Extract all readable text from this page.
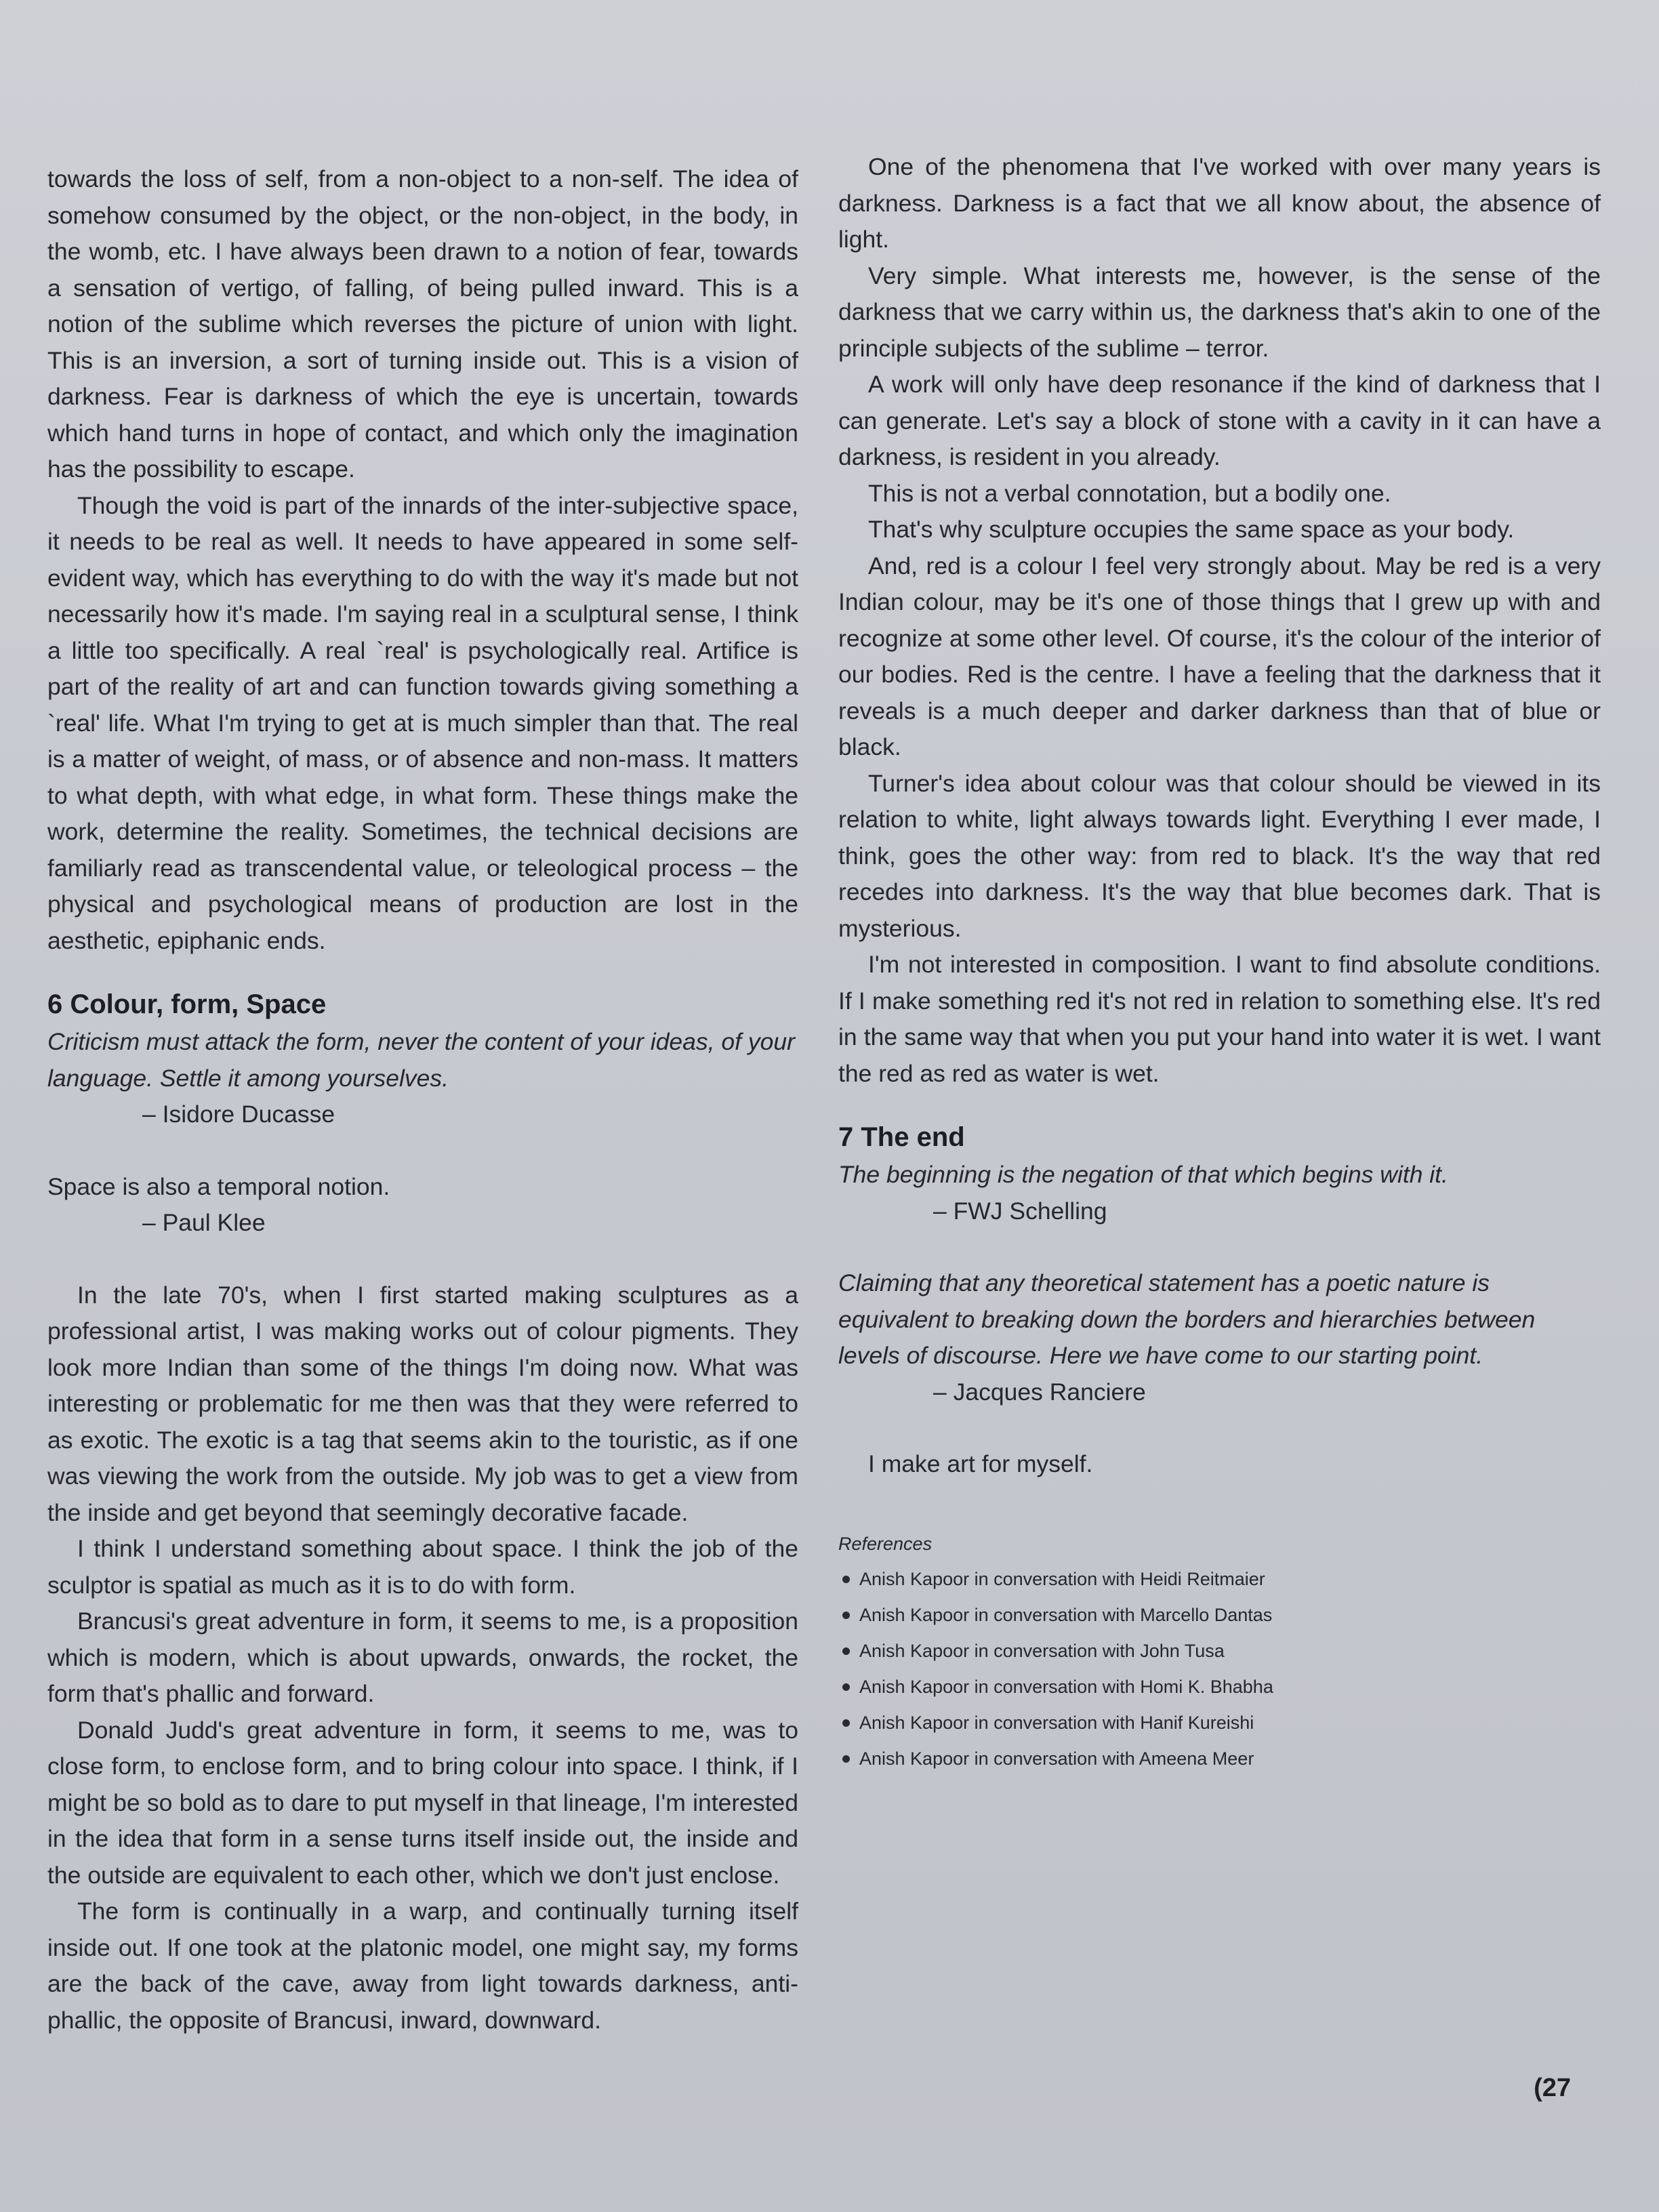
towards the loss of self, from a non-object to a non-self. The idea of somehow consumed by the object, or the non-object, in the body, in the womb, etc. I have always been drawn to a notion of fear, towards a sensation of vertigo, of falling, of being pulled inward. This is a notion of the sublime which reverses the picture of union with light. This is an inversion, a sort of turning inside out. This is a vision of darkness. Fear is darkness of which the eye is uncertain, towards which hand turns in hope of contact, and which only the imagination has the possibility to escape.

Though the void is part of the innards of the inter-subjective space, it needs to be real as well. It needs to have appeared in some self-evident way, which has everything to do with the way it's made but not necessarily how it's made. I'm saying real in a sculptural sense, I think a little too specifically. A real `real' is psychologically real. Artifice is part of the reality of art and can function towards giving something a `real' life. What I'm trying to get at is much simpler than that. The real is a matter of weight, of mass, or of absence and non-mass. It matters to what depth, with what edge, in what form. These things make the work, determine the reality. Sometimes, the technical decisions are familiarly read as transcendental value, or teleological process – the physical and psychological means of production are lost in the aesthetic, epiphanic ends.

6 Colour, form, Space
Criticism must attack the form, never the content of your ideas, of your language. Settle it among yourselves.
– Isidore Ducasse
Space is also a temporal notion.
– Paul Klee

In the late 70's, when I first started making sculptures as a professional artist, I was making works out of colour pigments. They look more Indian than some of the things I'm doing now. What was interesting or problematic for me then was that they were referred to as exotic. The exotic is a tag that seems akin to the touristic, as if one was viewing the work from the outside. My job was to get a view from the inside and get beyond that seemingly decorative facade.

I think I understand something about space. I think the job of the sculptor is spatial as much as it is to do with form.

Brancusi's great adventure in form, it seems to me, is a proposition which is modern, which is about upwards, onwards, the rocket, the form that's phallic and forward.

Donald Judd's great adventure in form, it seems to me, was to close form, to enclose form, and to bring colour into space. I think, if I might be so bold as to dare to put myself in that lineage, I'm interested in the idea that form in a sense turns itself inside out, the inside and the outside are equivalent to each other, which we don't just enclose.

The form is continually in a warp, and continually turning itself inside out. If one took at the platonic model, one might say, my forms are the back of the cave, away from light towards darkness, anti-phallic, the opposite of Brancusi, inward, downward.

One of the phenomena that I've worked with over many years is darkness. Darkness is a fact that we all know about, the absence of light.

Very simple. What interests me, however, is the sense of the darkness that we carry within us, the darkness that's akin to one of the principle subjects of the sublime – terror.

A work will only have deep resonance if the kind of darkness that I can generate. Let's say a block of stone with a cavity in it can have a darkness, is resident in you already.

This is not a verbal connotation, but a bodily one.

That's why sculpture occupies the same space as your body.

And, red is a colour I feel very strongly about. May be red is a very Indian colour, may be it's one of those things that I grew up with and recognize at some other level. Of course, it's the colour of the interior of our bodies. Red is the centre. I have a feeling that the darkness that it reveals is a much deeper and darker darkness than that of blue or black.

Turner's idea about colour was that colour should be viewed in its relation to white, light always towards light. Everything I ever made, I think, goes the other way: from red to black. It's the way that red recedes into darkness. It's the way that blue becomes dark. That is mysterious.

I'm not interested in composition. I want to find absolute conditions. If I make something red it's not red in relation to something else. It's red in the same way that when you put your hand into water it is wet. I want the red as red as water is wet.

7 The end
The beginning is the negation of that which begins with it.
– FWJ Schelling
Claiming that any theoretical statement has a poetic nature is equivalent to breaking down the borders and hierarchies between levels of discourse. Here we have come to our starting point.
– Jacques Ranciere

I make art for myself.

References
Anish Kapoor in conversation with Heidi Reitmaier
Anish Kapoor in conversation with Marcello Dantas
Anish Kapoor in conversation with John Tusa
Anish Kapoor in conversation with Homi K. Bhabha
Anish Kapoor in conversation with Hanif Kureishi
Anish Kapoor in conversation with Ameena Meer
(27
